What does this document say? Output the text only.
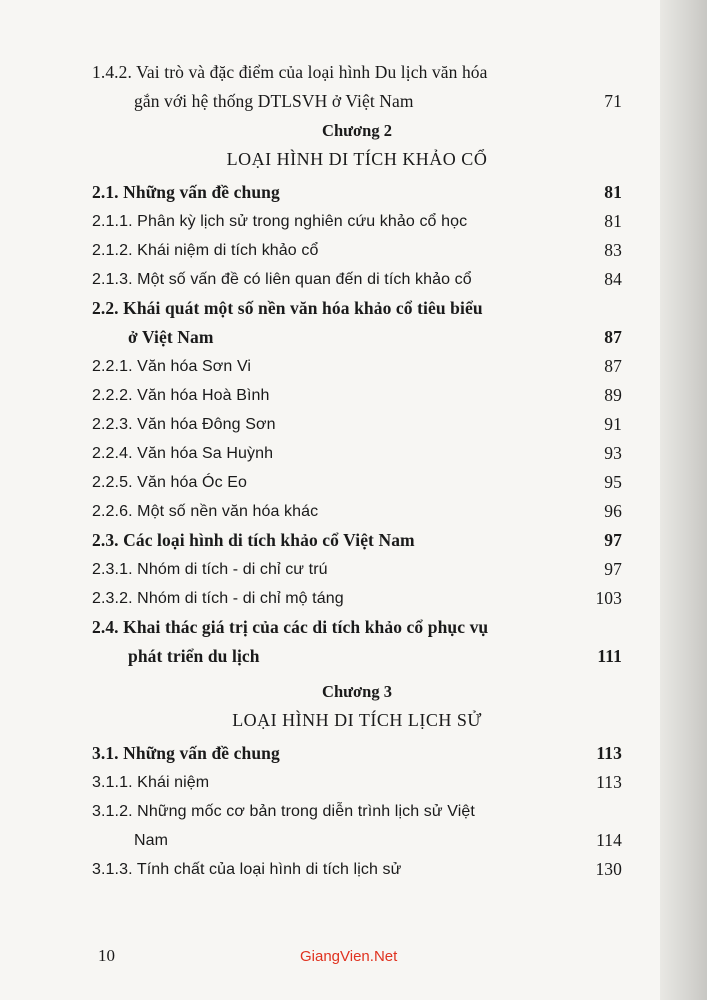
1.4.2. Vai trò và đặc điểm của loại hình Du lịch văn hóa
gắn với hệ thống DTLSVH ở Việt Nam	71
Chương 2
LOẠI HÌNH DI TÍCH KHẢO CỔ
2.1. Những vấn đề chung	81
2.1.1. Phân kỳ lịch sử trong nghiên cứu khảo cổ học	81
2.1.2. Khái niệm di tích khảo cổ	83
2.1.3. Một số vấn đề có liên quan đến di tích khảo cổ	84
2.2. Khái quát một số nền văn hóa khảo cổ tiêu biểu
ở Việt Nam	87
2.2.1. Văn hóa Sơn Vi	87
2.2.2. Văn hóa Hoà Bình	89
2.2.3. Văn hóa Đông Sơn	91
2.2.4. Văn hóa Sa Huỳnh	93
2.2.5. Văn hóa Óc Eo	95
2.2.6. Một số nền văn hóa khác	96
2.3. Các loại hình di tích khảo cổ Việt Nam	97
2.3.1. Nhóm di tích - di chỉ cư trú	97
2.3.2. Nhóm di tích - di chỉ mộ táng	103
2.4. Khai thác giá trị của các di tích khảo cổ phục vụ
phát triển du lịch	111
Chương 3
LOẠI HÌNH DI TÍCH LỊCH SỬ
3.1. Những vấn đề chung	113
3.1.1. Khái niệm	113
3.1.2. Những mốc cơ bản trong diễn trình lịch sử Việt
Nam	114
3.1.3. Tính chất của loại hình di tích lịch sử	130
10	GiangVien.Net
